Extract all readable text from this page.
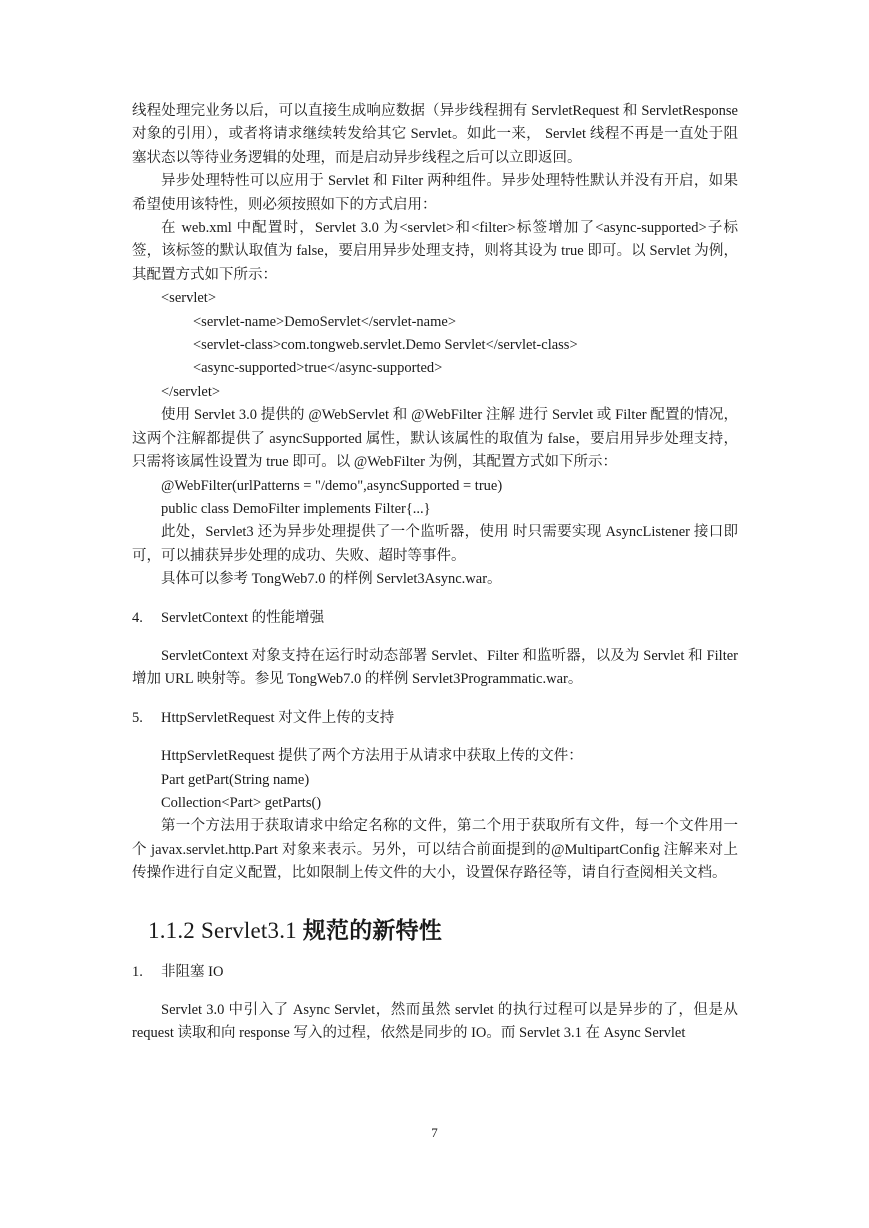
线程处理完业务以后，可以直接生成响应数据（异步线程拥有 ServletRequest 和 ServletResponse 对象的引用），或者将请求继续转发给其它 Servlet。如此一来， Servlet 线程不再是一直处于阻塞状态以等待业务逻辑的处理，而是启动异步线程之后可以立即返回。

异步处理特性可以应用于 Servlet 和 Filter 两种组件。异步处理特性默认并没有开启，如果希望使用该特性，则必须按照如下的方式启用：

在 web.xml 中配置时，Servlet 3.0 为<servlet>和<filter>标签增加了<async-supported>子标签，该标签的默认取值为 false，要启用异步处理支持，则将其设为 true 即可。以 Servlet 为例，其配置方式如下所示：

<servlet>

<servlet-name>DemoServlet</servlet-name>

<servlet-class>com.tongweb.servlet.Demo Servlet</servlet-class>

<async-supported>true</async-supported>

</servlet>

使用 Servlet 3.0 提供的 @WebServlet 和 @WebFilter 注解 进行 Servlet 或 Filter 配置的情况，这两个注解都提供了 asyncSupported 属性，默认该属性的取值为 false，要启用异步处理支持，只需将该属性设置为 true 即可。以 @WebFilter 为例，其配置方式如下所示：

@WebFilter(urlPatterns = "/demo",asyncSupported = true)

public class DemoFilter implements Filter{...}

此处，Servlet3 还为异步处理提供了一个监听器，使用 时只需要实现 AsyncListener 接口即可，可以捕获异步处理的成功、失败、超时等事件。

具体可以参考 TongWeb7.0 的样例 Servlet3Async.war。

4.	ServletContext 的性能增强

ServletContext 对象支持在运行时动态部署 Servlet、Filter 和监听器，以及为 Servlet 和 Filter 增加 URL 映射等。参见 TongWeb7.0 的样例 Servlet3Programmatic.war。

5.	HttpServletRequest 对文件上传的支持

HttpServletRequest 提供了两个方法用于从请求中获取上传的文件：

Part getPart(String name)

Collection<Part> getParts()

第一个方法用于获取请求中给定名称的文件，第二个用于获取所有文件，每一个文件用一个 javax.servlet.http.Part 对象来表示。另外，可以结合前面提到的@MultipartConfig 注解来对上传操作进行自定义配置，比如限制上传文件的大小，设置保存路径等，请自行查阅相关文档。

1.1.2 Servlet3.1 规范的新特性
1.	非阻塞 IO

Servlet 3.0 中引入了 Async Servlet，然而虽然 servlet 的执行过程可以是异步的了，但是从 request 读取和向 response 写入的过程，依然是同步的 IO。而 Servlet 3.1 在 Async Servlet

7
